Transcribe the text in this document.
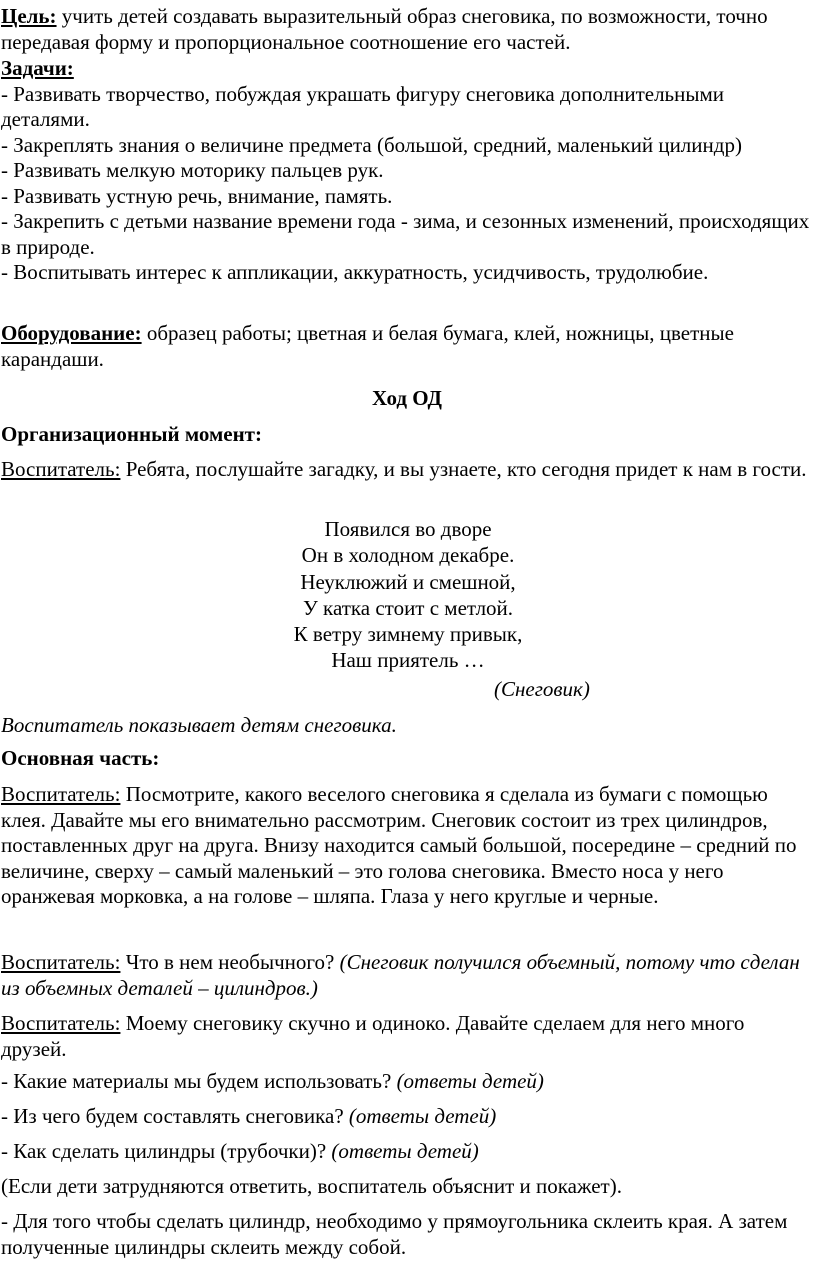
Цель: учить детей создавать выразительный образ снеговика, по возможности, точно передавая форму и пропорциональное соотношение его частей.

Задачи:

- Развивать творчество, побуждая украшать фигуру снеговика дополнительными деталями.

- Закреплять знания о величине предмета (большой, средний, маленький цилиндр)

- Развивать мелкую моторику пальцев рук.

- Развивать устную речь, внимание, память.

- Закрепить с детьми название времени года - зима, и сезонных изменений, происходящих в природе.

- Воспитывать интерес к аппликации, аккуратность, усидчивость, трудолюбие.

Оборудование: образец работы; цветная и белая бумага, клей, ножницы, цветные карандаши.

Ход ОД

Организационный момент:

Воспитатель: Ребята, послушайте загадку, и вы узнаете, кто сегодня придет к нам в гости.

Появился во дворе

Он в холодном декабре.

Неуклюжий и смешной,

У катка стоит с метлой.

К ветру зимнему привык,

Наш приятель …

(Снеговик)

Воспитатель показывает детям снеговика.

Основная часть:

Воспитатель: Посмотрите, какого веселого снеговика я сделала из бумаги с помощью клея. Давайте мы его внимательно рассмотрим. Снеговик состоит из трех цилиндров, поставленных друг на друга. Внизу находится самый большой, посередине – средний по величине, сверху – самый маленький – это голова снеговика. Вместо носа у него оранжевая морковка, а на голове – шляпа. Глаза у него круглые и черные.

Воспитатель: Что в нем необычного? (Снеговик получился объемный, потому что сделан из объемных деталей – цилиндров.)

Воспитатель: Моему снеговику скучно и одиноко. Давайте сделаем для него много друзей.

- Какие материалы мы будем использовать? (ответы детей)

- Из чего будем составлять снеговика? (ответы детей)

- Как сделать цилиндры (трубочки)? (ответы детей)

(Если дети затрудняются ответить, воспитатель объяснит и покажет).

- Для того чтобы сделать цилиндр, необходимо у прямоугольника склеить края. А затем полученные цилиндры склеить между собой.
